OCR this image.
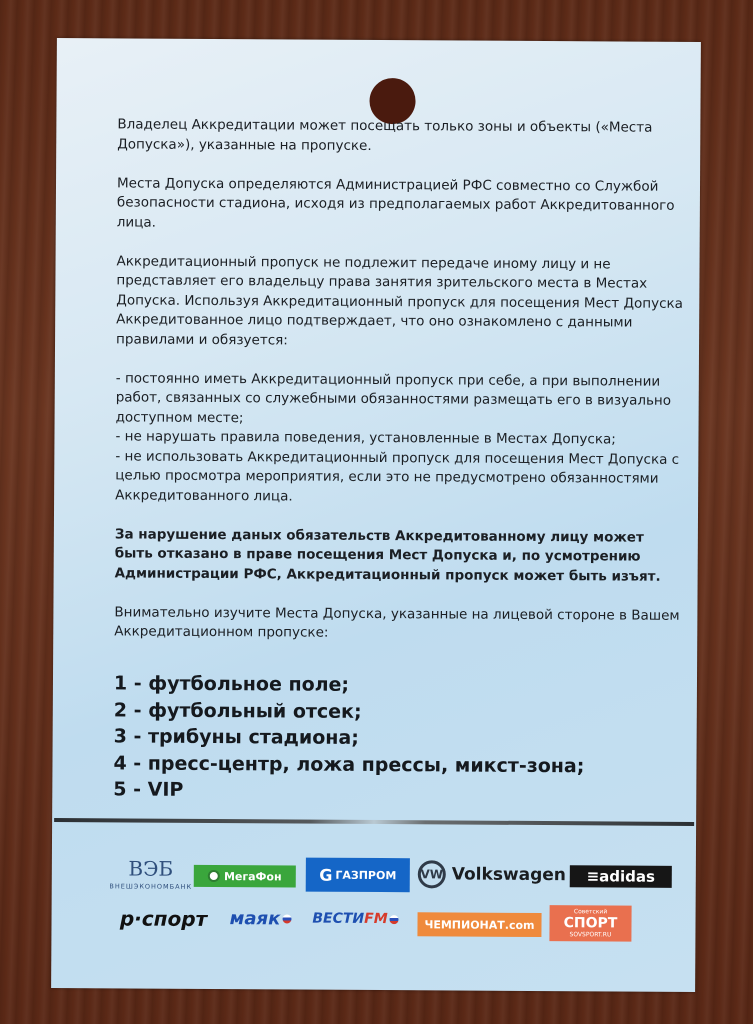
Владелец Аккредитации может посещать только зоны и объекты («Места Допуска»), указанные на пропуске.

Места Допуска определяются Администрацией РФС совместно со Службой безопасности стадиона, исходя из предполагаемых работ Аккредитованного лица.

Аккредитационный пропуск не подлежит передаче иному лицу и не представляет его владельцу права занятия зрительского места в Местах Допуска. Используя Аккредитационный пропуск для посещения Мест Допуска Аккредитованное лицо подтверждает, что оно ознакомлено с данными правилами и обязуется:

- постоянно иметь Аккредитационный пропуск при себе, а при выполнении работ, связанных со служебными обязанностями размещать его в визуально доступном месте;
- не нарушать правила поведения, установленные в Местах Допуска;
- не использовать Аккредитационный пропуск для посещения Мест Допуска с целью просмотра мероприятия, если это не предусмотрено обязанностями Аккредитованного лица.

За нарушение даных обязательств Аккредитованному лицу может быть отказано в праве посещения Мест Допуска и, по усмотрению Администрации РФС, Аккредитационный пропуск может быть изъят.

Внимательно изучите Места Допуска, указанные на лицевой стороне в Вашем Аккредитационном пропуске:

1 - футбольное поле;
2 - футбольный отсек;
3 - трибуны стадиона;
4 - пресс-центр, ложа прессы, микст-зона;
5 - VIP
ВЭБ
ВНЕШЭКОНОМБАНК
МегаФон G ГАЗПРОМ VW Volkswagen ≡adidas
р·спорт маяк ВЕСТИ FM	ЧЕМПИОНАТ.com
Советский
СПОРТ
SOVSPORT.RU
